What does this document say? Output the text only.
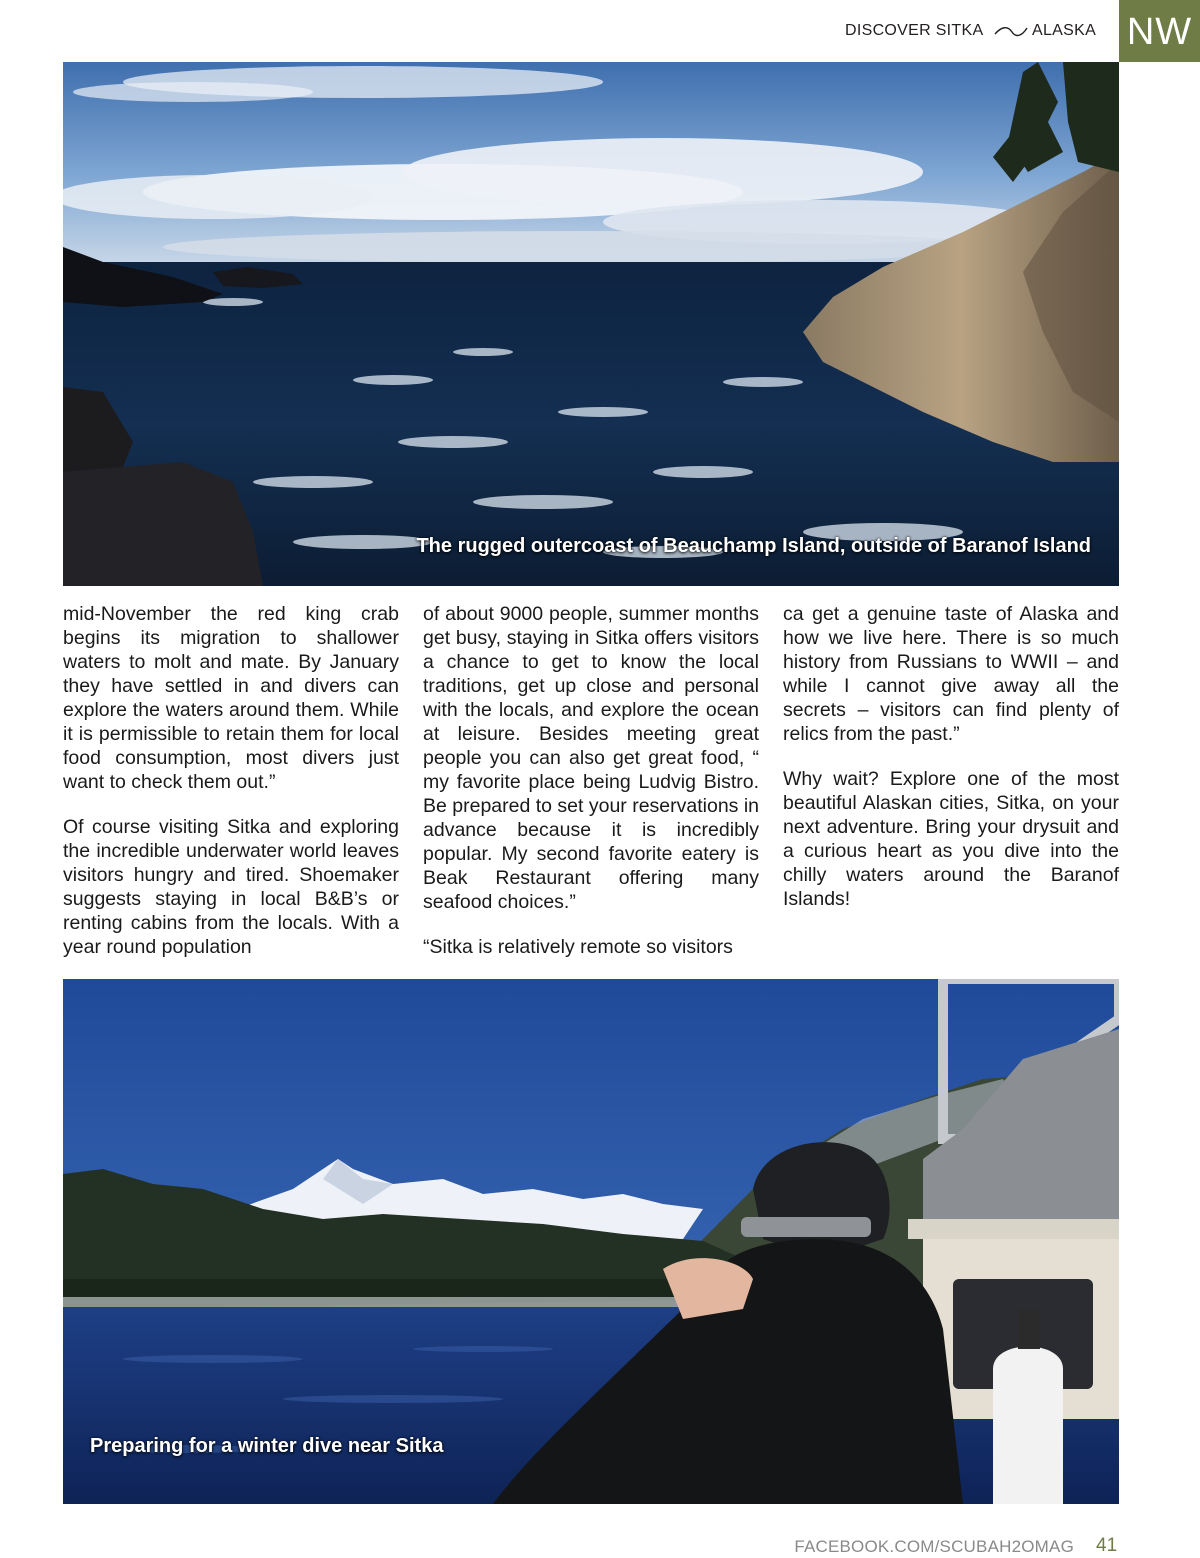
DISCOVER SITKA	ALASKA NW
The rugged outercoast of Beauchamp Island, outside of Baranof Island

mid-November the red king crab begins its migration to shallower waters to molt and mate. By January they have settled in and divers can explore the waters around them. While it is permissible to retain them for local food consumption, most divers just want to check them out.”

Of course visiting Sitka and exploring the incredible underwater world leaves visitors hungry and tired. Shoemaker suggests staying in local B&B’s or renting cabins from the locals. With a year round population

of about 9000 people, summer months get busy, staying in Sitka offers visitors a chance to get to know the local traditions, get up close and personal with the locals, and explore the ocean at leisure. Besides meeting great people you can also get great food, “ my favorite place being Ludvig Bistro. Be prepared to set your reservations in advance because it is incredibly popular. My second favorite eatery is Beak Restaurant offering many seafood choices.”

“Sitka is relatively remote so visitors

ca get a genuine taste of Alaska and how we live here. There is so much history from Russians to WWII – and while I cannot give away all the secrets – visitors can find plenty of relics from the past.”

Why wait? Explore one of the most beautiful Alaskan cities, Sitka, on your next adventure. Bring your drysuit and a curious heart as you dive into the chilly waters around the Baranof Islands!

Preparing for a winter dive near Sitka
FACEBOOK.COM/SCUBAH2OMAG 41
